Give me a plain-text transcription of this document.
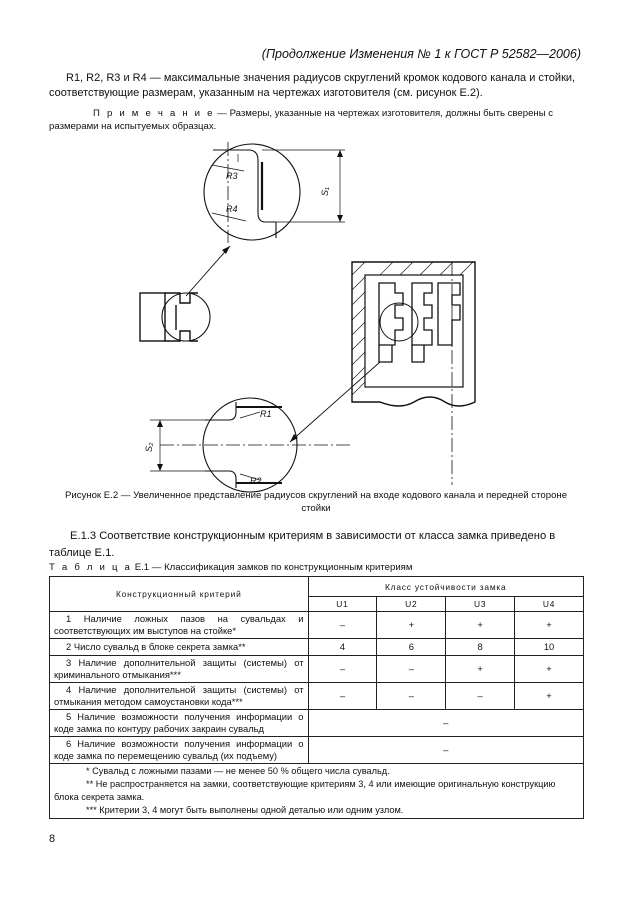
(Продолжение Изменения № 1 к ГОСТ Р 52582—2006)
R1, R2, R3 и R4 — максимальные значения радиусов скруглений кромок кодового канала и стойки, соответствующие размерам, указанным на чертежах изготовителя (см. рисунок Е.2).
П р и м е ч а н и е — Размеры, указанные на чертежах изготовителя, должны быть сверены с размерами на испытуемых образцах.
R3
R4
S₁
R1
R2
S₂
Рисунок Е.2 — Увеличенное представление радиусов скруглений на входе кодового канала и передней стороне стойки
Е.1.3 Соответствие конструкционным критериям в зависимости от класса замка приведено в таблице Е.1.
Т а б л и ц а Е.1 — Классификация замков по конструкционным критериям
Конструкционный критерий	Класс устойчивости замка			
	U1	U2	U3	U4
1 Наличие ложных пазов на сувальдах и соответствующих им выступов на стойке*	–	+	+	+
2 Число сувальд в блоке секрета замка**	4	6	8	10
3 Наличие дополнительной защиты (системы) от криминального отмыкания***	–	–	+	+
4 Наличие дополнительной защиты (системы) от отмыкания методом самоустановки кода***	–	–	–	+
5 Наличие возможности получения информации о коде замка по контуру рабочих закраин сувальд	–			
6 Наличие возможности получения информации о коде замка по перемещению сувальд (их подъему)	–			

* Сувальд с ложными пазами — не менее 50 % общего числа сувальд.
** Не распространяется на замки, соответствующие критериям 3, 4 или имеющие оригинальную конструкцию блока секрета замка.
*** Критерии 3, 4 могут быть выполнены одной деталью или одним узлом.				
8
